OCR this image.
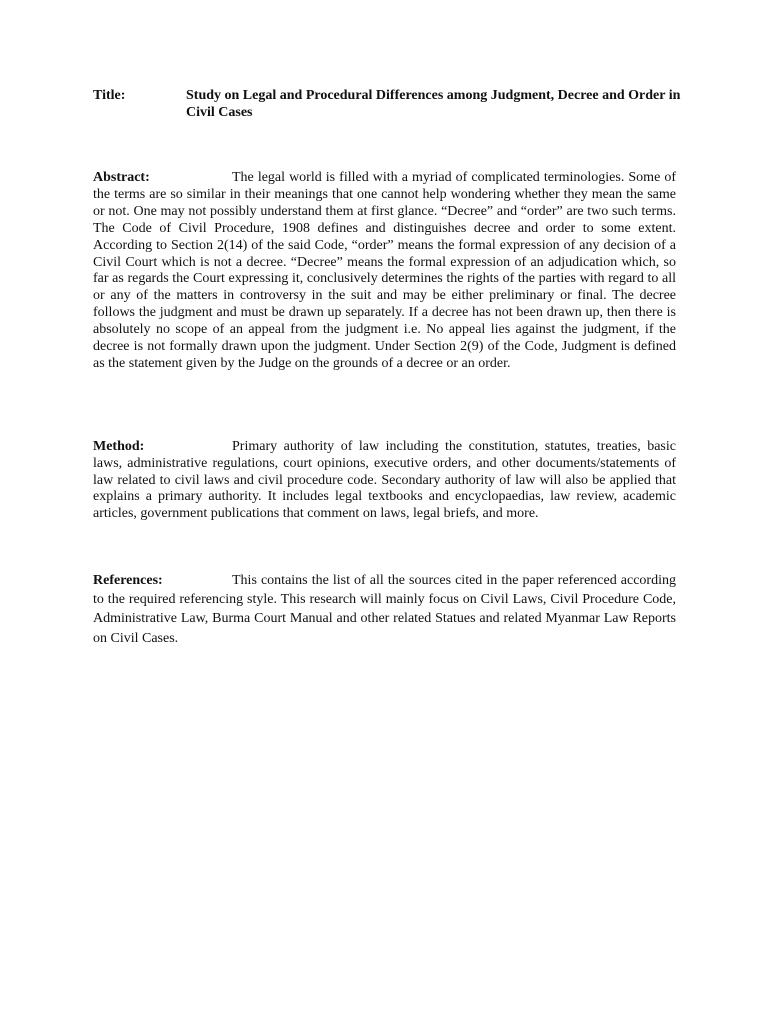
Title:	Study on Legal and Procedural Differences among Judgment, Decree and Order in Civil Cases
Abstract:	The legal world is filled with a myriad of complicated terminologies. Some of the terms are so similar in their meanings that one cannot help wondering whether they mean the same or not. One may not possibly understand them at first glance. “Decree” and “order” are two such terms. The Code of Civil Procedure, 1908 defines and distinguishes decree and order to some extent. According to Section 2(14) of the said Code, “order” means the formal expression of any decision of a Civil Court which is not a decree. “Decree” means the formal expression of an adjudication which, so far as regards the Court expressing it, conclusively determines the rights of the parties with regard to all or any of the matters in controversy in the suit and may be either preliminary or final. The decree follows the judgment and must be drawn up separately. If a decree has not been drawn up, then there is absolutely no scope of an appeal from the judgment i.e. No appeal lies against the judgment, if the decree is not formally drawn upon the judgment. Under Section 2(9) of the Code, Judgment is defined as the statement given by the Judge on the grounds of a decree or an order.
Method:	Primary authority of law including the constitution, statutes, treaties, basic laws, administrative regulations, court opinions, executive orders, and other documents/statements of law related to civil laws and civil procedure code. Secondary authority of law will also be applied that explains a primary authority. It includes legal textbooks and encyclopaedias, law review, academic articles, government publications that comment on laws, legal briefs, and more.
References:	This contains the list of all the sources cited in the paper referenced according to the required referencing style. This research will mainly focus on Civil Laws, Civil Procedure Code, Administrative Law, Burma Court Manual and other related Statues and related Myanmar Law Reports on Civil Cases.
